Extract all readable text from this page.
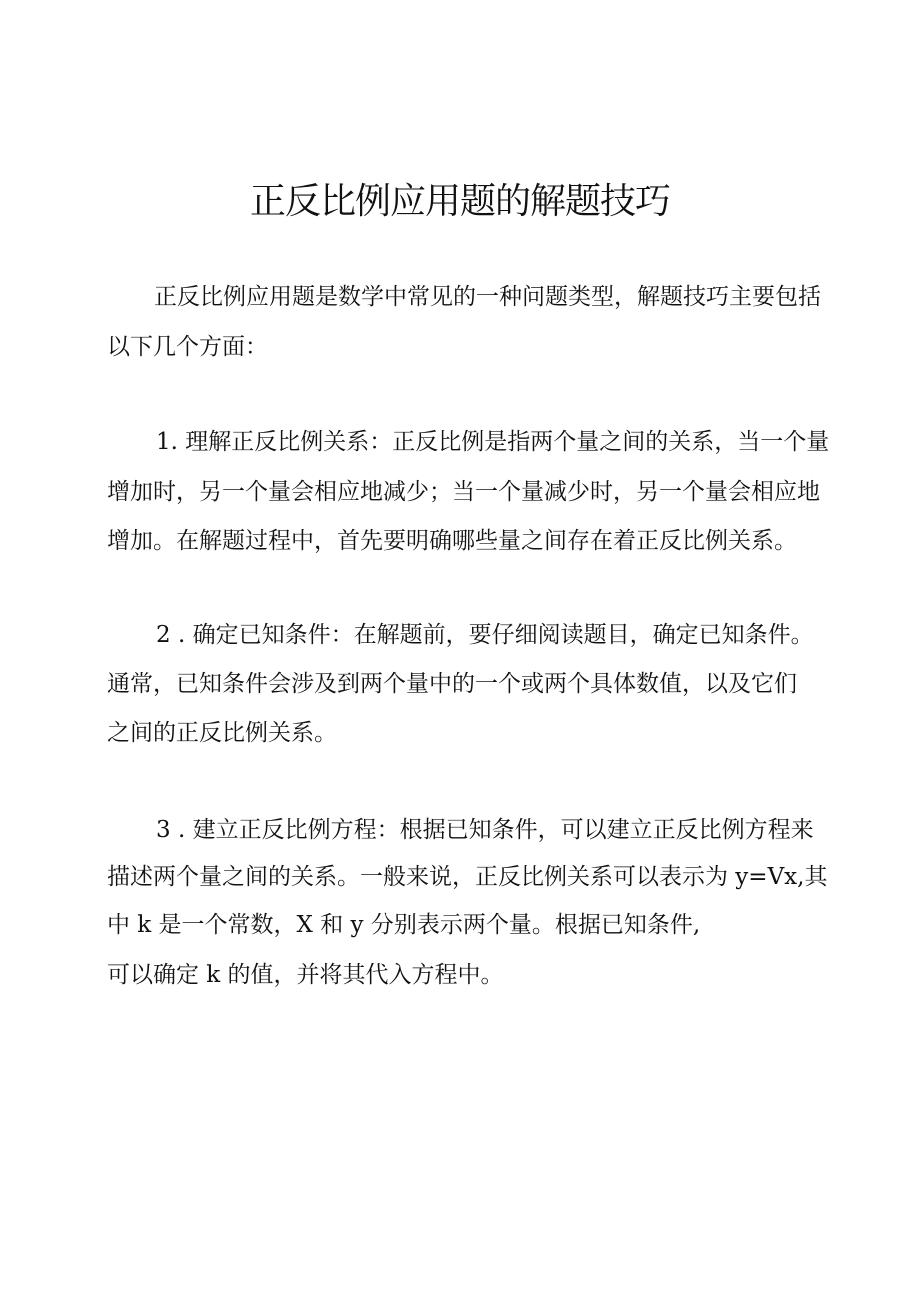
正反比例应用题的解题技巧
正反比例应用题是数学中常见的一种问题类型，解题技巧主要包括
以下几个方面：
1. 理解正反比例关系：正反比例是指两个量之间的关系，当一个量
增加时，另一个量会相应地减少；当一个量减少时，另一个量会相应地
增加。在解题过程中，首先要明确哪些量之间存在着正反比例关系。
2 . 确定已知条件：在解题前，要仔细阅读题目，确定已知条件。
通常，已知条件会涉及到两个量中的一个或两个具体数值，以及它们
之间的正反比例关系。
3 . 建立正反比例方程：根据已知条件，可以建立正反比例方程来
描述两个量之间的关系。一般来说，正反比例关系可以表示为 y=Vx,其
中 k 是一个常数，X 和 y 分别表示两个量。根据已知条件,
可以确定 k 的值，并将其代入方程中。
